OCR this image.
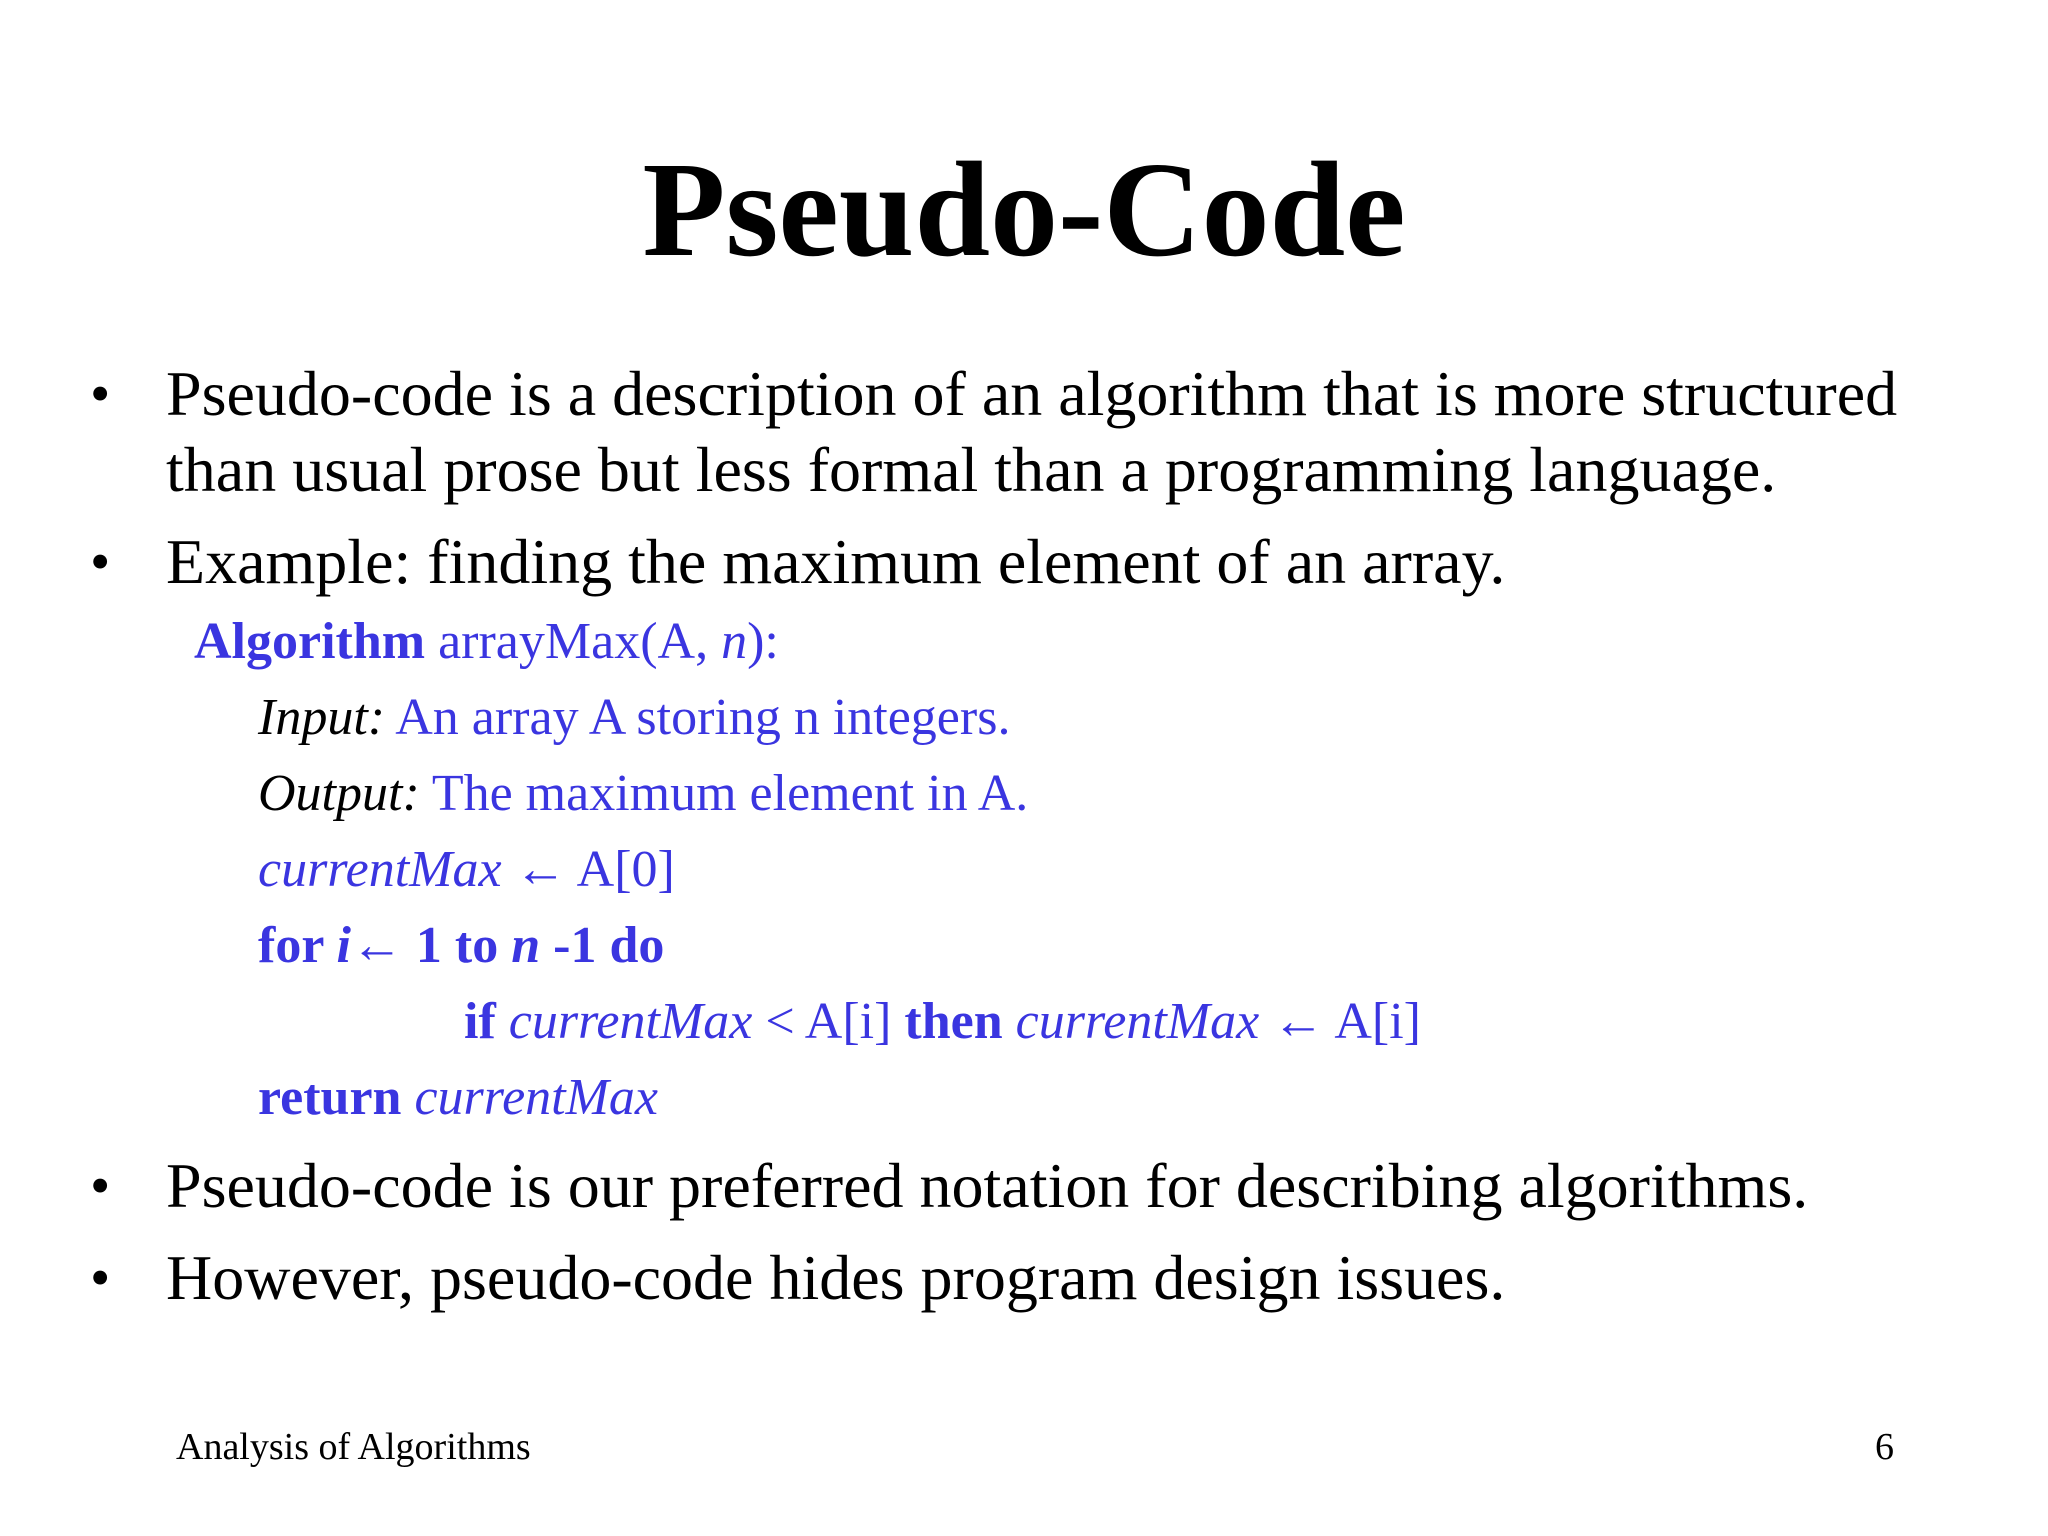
Pseudo-Code
• Pseudo-code is a description of an algorithm that is more structured
than usual prose but less formal than a programming language.
• Example: finding the maximum element of an array.
• Pseudo-code is our preferred notation for describing algorithms.
• However, pseudo-code hides program design issues.
Algorithm arrayMax(A, n):
Input: An array A storing n integers.
Output: The maximum element in A.
currentMax ← A[0]
for i← 1 to n -1 do
if currentMax < A[i] then currentMax ← A[i]
return currentMax
Analysis of Algorithms	6
